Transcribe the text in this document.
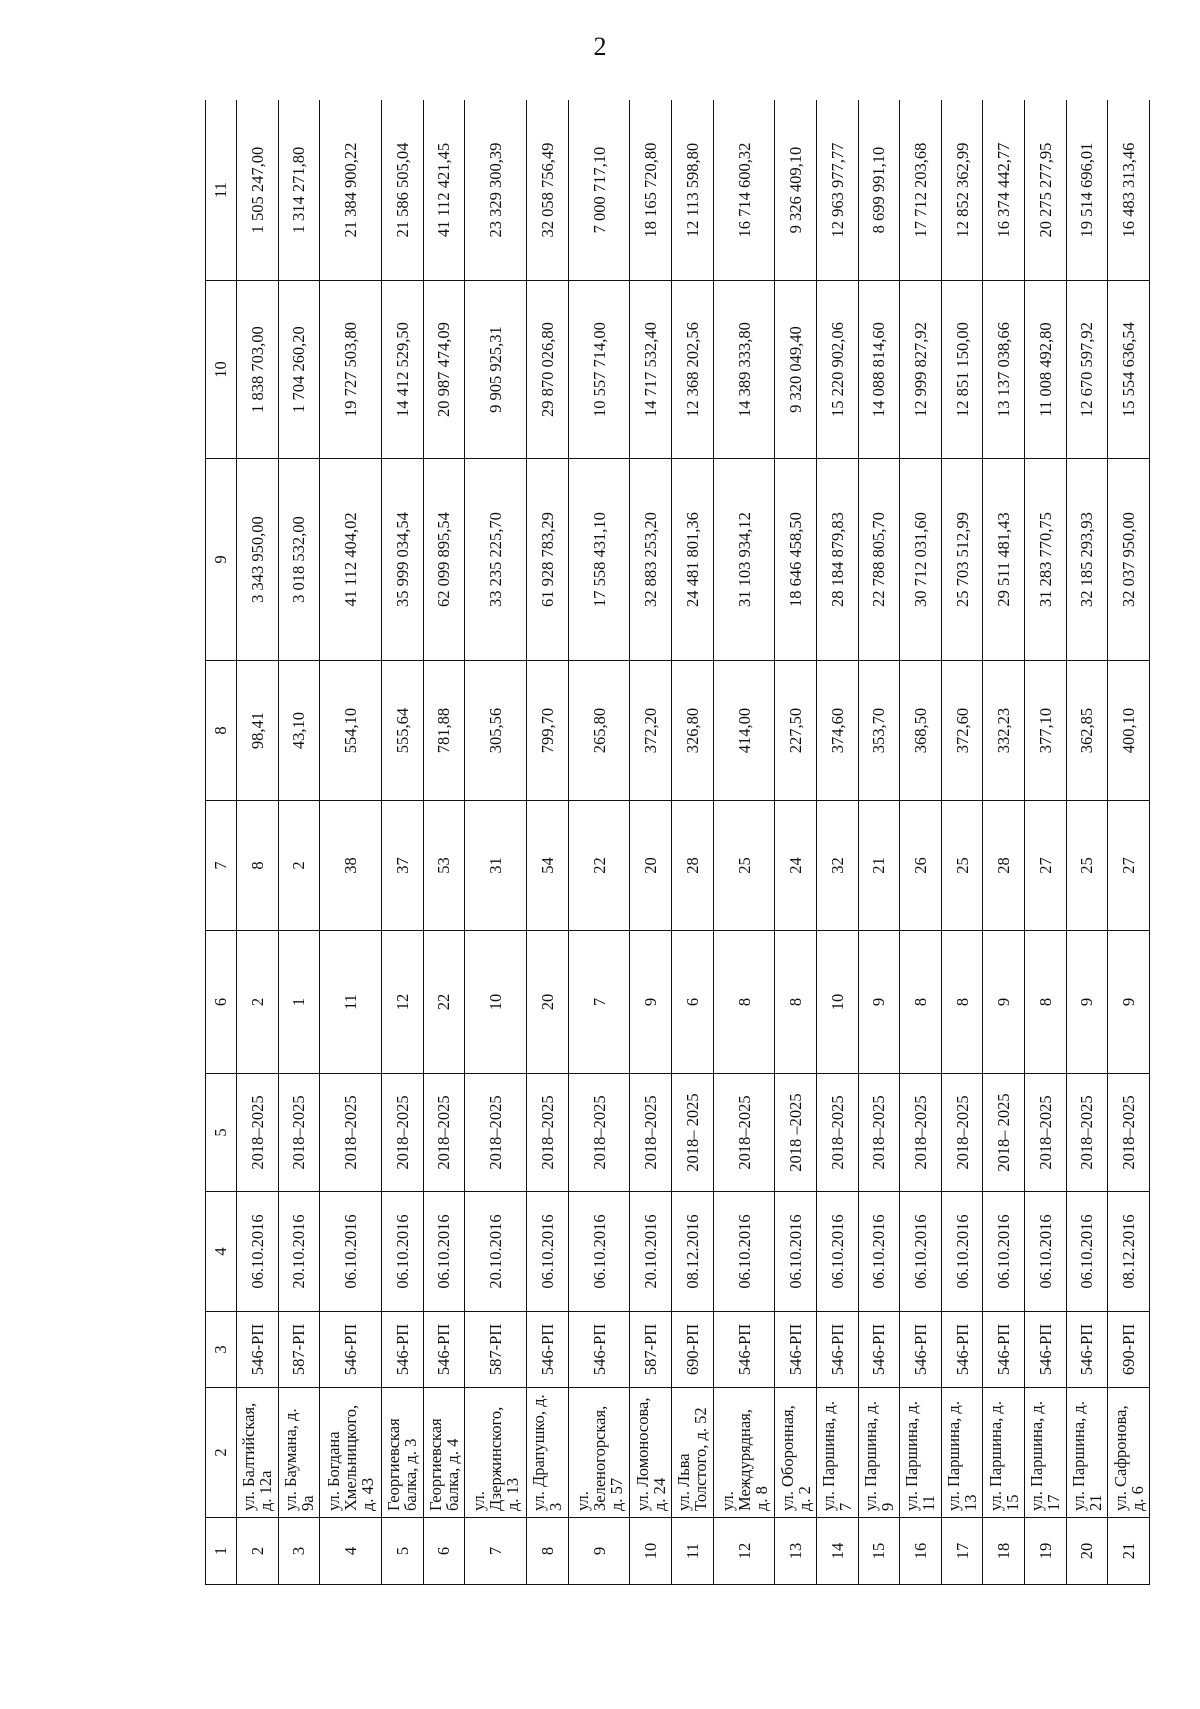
2
1	2	3	4	5	6	7	8	9	10	11
2	ул. Балтийская, д. 12а	546-РП	06.10.2016	2018–2025	2	8	98,41	3 343 950,00	1 838 703,00	1 505 247,00
3	ул. Баумана, д. 9а	587-РП	20.10.2016	2018–2025	1	2	43,10	3 018 532,00	1 704 260,20	1 314 271,80
4	ул. Богдана Хмельницкого, д. 43	546-РП	06.10.2016	2018–2025	11	38	554,10	41 112 404,02	19 727 503,80	21 384 900,22
5	Георгиевская балка, д. 3	546-РП	06.10.2016	2018–2025	12	37	555,64	35 999 034,54	14 412 529,50	21 586 505,04
6	Георгиевская балка, д. 4	546-РП	06.10.2016	2018–2025	22	53	781,88	62 099 895,54	20 987 474,09	41 112 421,45
7	ул. Дзержинского, д. 13	587-РП	20.10.2016	2018–2025	10	31	305,56	33 235 225,70	9 905 925,31	23 329 300,39
8	ул. Драпушко, д. 3	546-РП	06.10.2016	2018–2025	20	54	799,70	61 928 783,29	29 870 026,80	32 058 756,49
9	ул. Зеленогорская, д. 57	546-РП	06.10.2016	2018–2025	7	22	265,80	17 558 431,10	10 557 714,00	7 000 717,10
10	ул. Ломоносова, д. 24	587-РП	20.10.2016	2018–2025	9	20	372,20	32 883 253,20	14 717 532,40	18 165 720,80
11	ул. Льва Толстого, д. 52	690-РП	08.12.2016	2018– 2025	6	28	326,80	24 481 801,36	12 368 202,56	12 113 598,80
12	ул. Междурядная, д. 8	546-РП	06.10.2016	2018–2025	8	25	414,00	31 103 934,12	14 389 333,80	16 714 600,32
13	ул. Оборонная, д. 2	546-РП	06.10.2016	2018 –2025	8	24	227,50	18 646 458,50	9 320 049,40	9 326 409,10
14	ул. Паршина, д. 7	546-РП	06.10.2016	2018–2025	10	32	374,60	28 184 879,83	15 220 902,06	12 963 977,77
15	ул. Паршина, д. 9	546-РП	06.10.2016	2018–2025	9	21	353,70	22 788 805,70	14 088 814,60	8 699 991,10
16	ул. Паршина, д. 11	546-РП	06.10.2016	2018–2025	8	26	368,50	30 712 031,60	12 999 827,92	17 712 203,68
17	ул. Паршина, д. 13	546-РП	06.10.2016	2018–2025	8	25	372,60	25 703 512,99	12 851 150,00	12 852 362,99
18	ул. Паршина, д. 15	546-РП	06.10.2016	2018– 2025	9	28	332,23	29 511 481,43	13 137 038,66	16 374 442,77
19	ул. Паршина, д. 17	546-РП	06.10.2016	2018–2025	8	27	377,10	31 283 770,75	11 008 492,80	20 275 277,95
20	ул. Паршина, д. 21	546-РП	06.10.2016	2018–2025	9	25	362,85	32 185 293,93	12 670 597,92	19 514 696,01
21	ул. Сафронова, д. 6	690-РП	08.12.2016	2018–2025	9	27	400,10	32 037 950,00	15 554 636,54	16 483 313,46
